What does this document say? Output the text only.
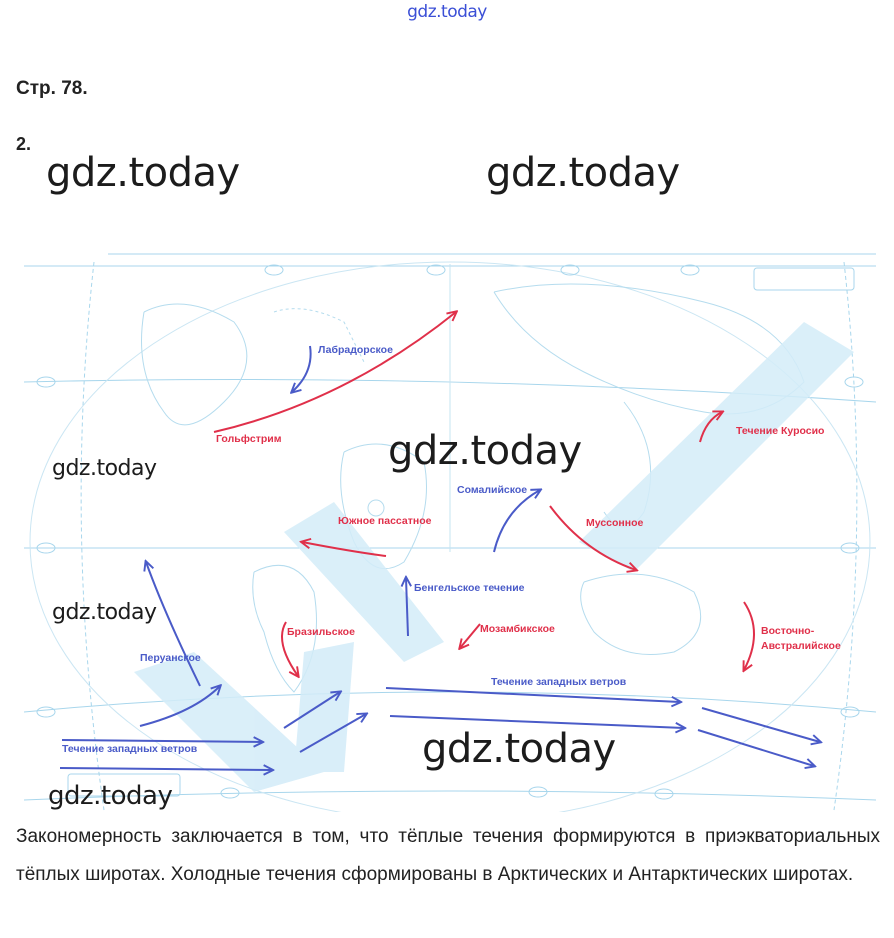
gdz.today
Стр. 78.
2.
gdz.today	gdz.today
Лабрадорское
Гольфстрим
Течение Куросио
Сомалийское
Южное пассатное	Муссонное
Бенгельское течение
Бразильское	Мозамбикское	Восточно-
Австралийское
Перуанское
Течение западных ветров
Течение западных ветров
gdz.today
gdz.today
gdz.today
gdz.today
gdz.today
Закономерность заключается в том, что тёплые течения формируются в приэкваториальных тёплых широтах. Холодные течения сформированы в Арктических и Антарктических широтах.
